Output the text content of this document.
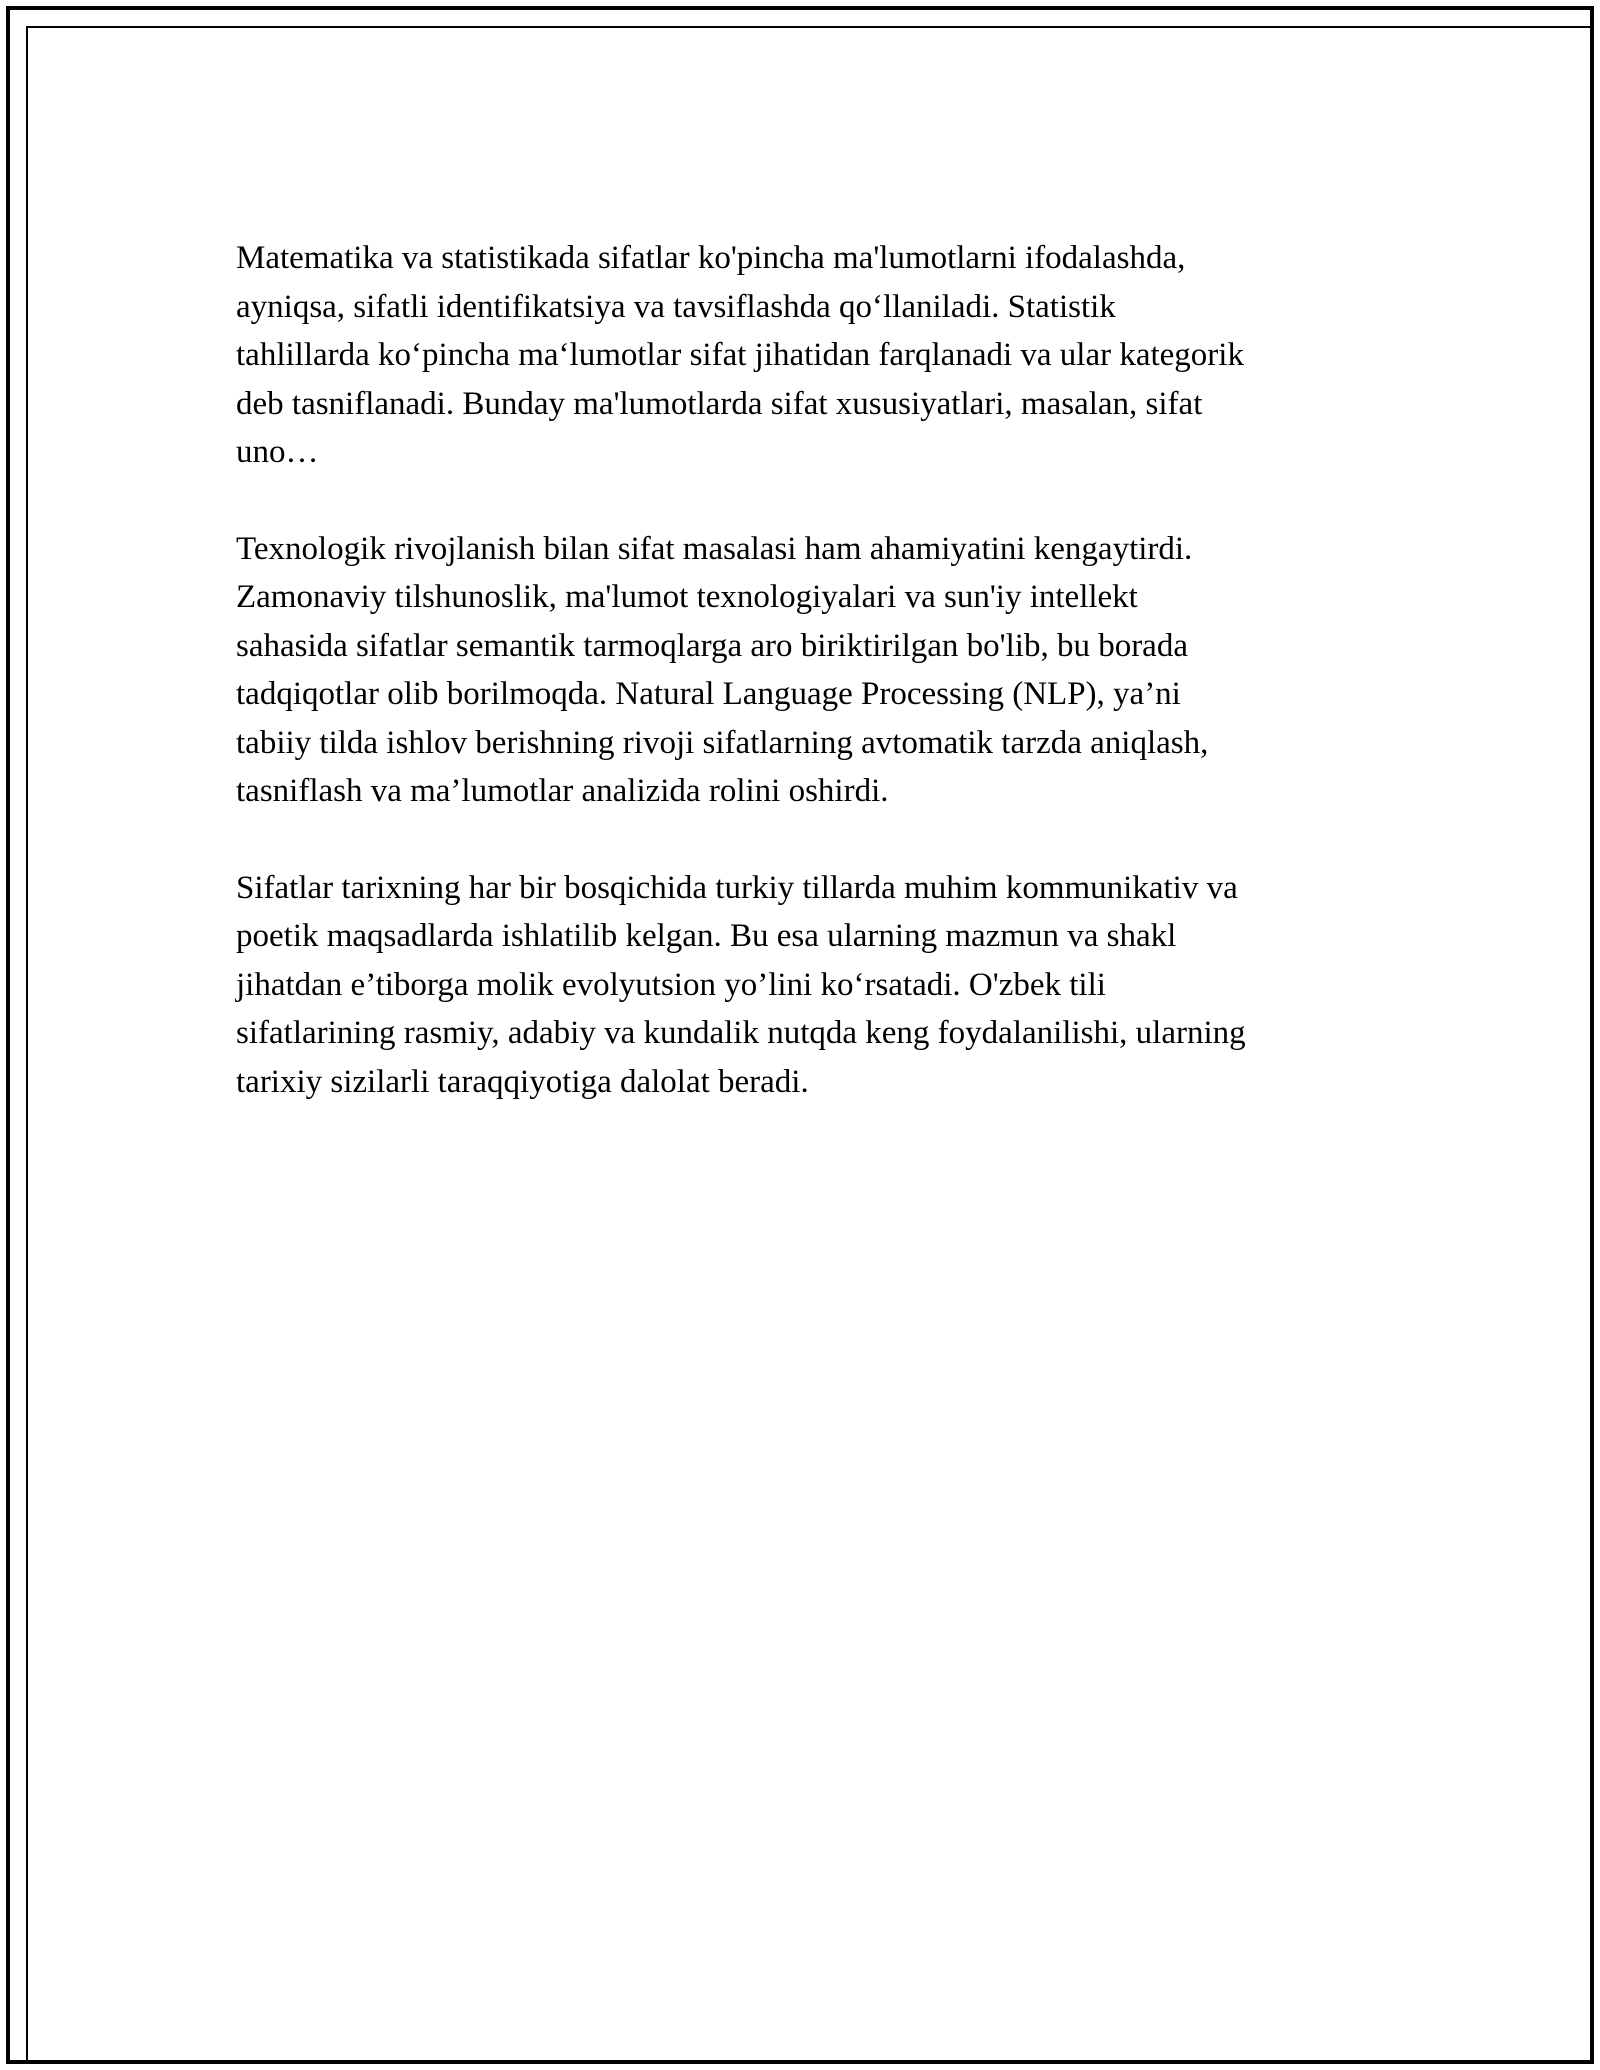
Matematika va statistikada sifatlar ko'pincha ma'lumotlarni ifodalashda,
ayniqsa, sifatli identifikatsiya va tavsiflashda qo‘llaniladi. Statistik
tahlillarda ko‘pincha ma‘lumotlar sifat jihatidan farqlanadi va ular kategorik
deb tasniflanadi. Bunday ma'lumotlarda sifat xususiyatlari, masalan, sifat
uno…

Texnologik rivojlanish bilan sifat masalasi ham ahamiyatini kengaytirdi.
Zamonaviy tilshunoslik, ma'lumot texnologiyalari va sun'iy intellekt
sahasida sifatlar semantik tarmoqlarga aro biriktirilgan bo'lib, bu borada
tadqiqotlar olib borilmoqda. Natural Language Processing (NLP), ya’ni
tabiiy tilda ishlov berishning rivoji sifatlarning avtomatik tarzda aniqlash,
tasniflash va ma’lumotlar analizida rolini oshirdi.

Sifatlar tarixning har bir bosqichida turkiy tillarda muhim kommunikativ va
poetik maqsadlarda ishlatilib kelgan. Bu esa ularning mazmun va shakl
jihatdan e’tiborga molik evolyutsion yo’lini ko‘rsatadi. O'zbek tili
sifatlarining rasmiy, adabiy va kundalik nutqda keng foydalanilishi, ularning
tarixiy sizilarli taraqqiyotiga dalolat beradi.
